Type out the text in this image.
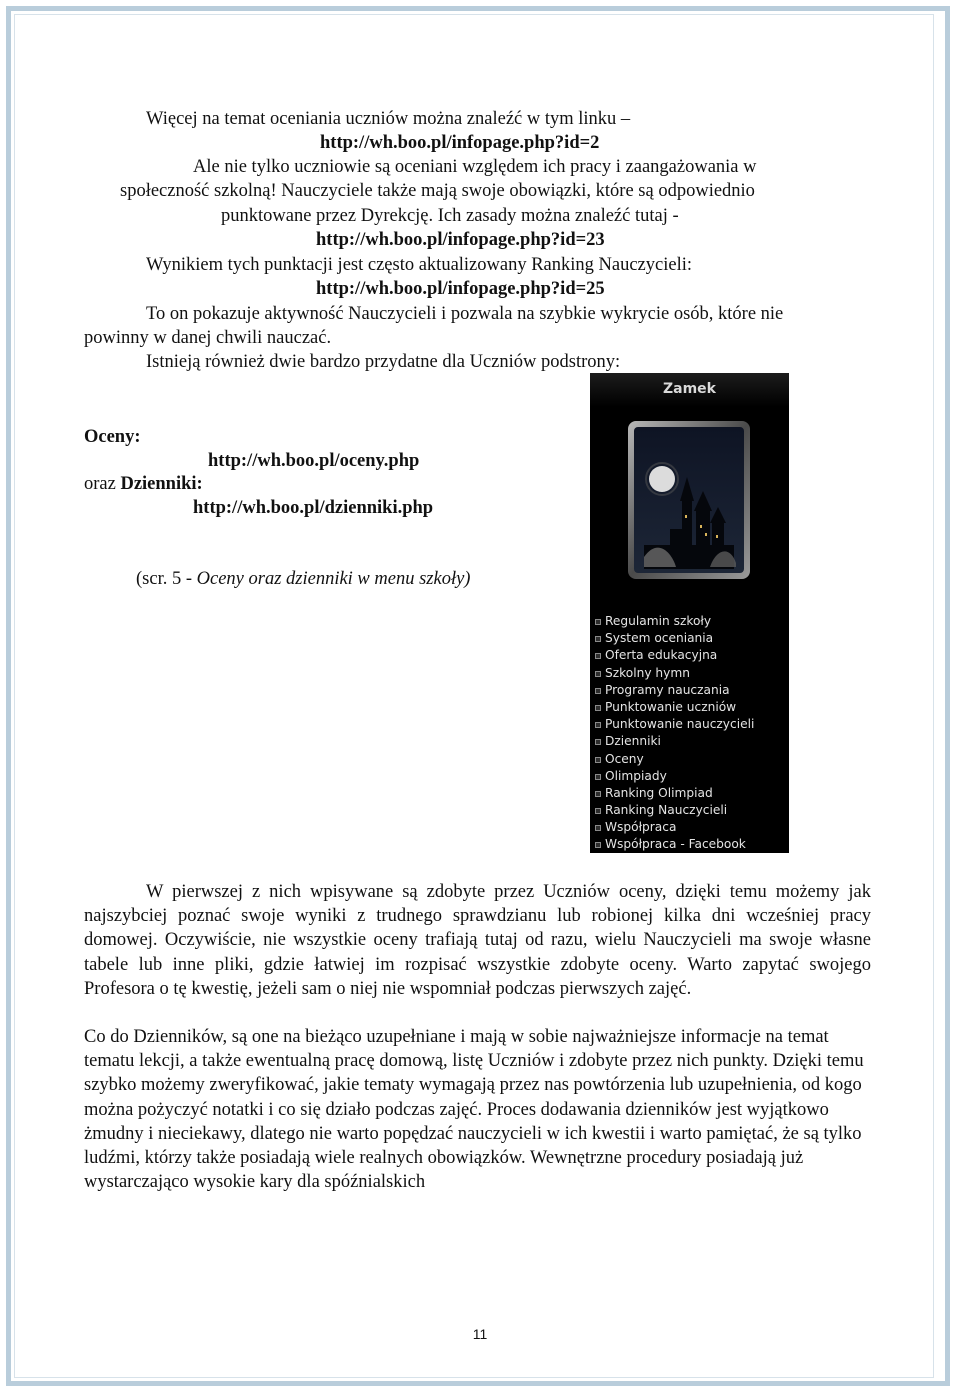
Więcej na temat oceniania uczniów można znaleźć w tym linku –
http://wh.boo.pl/infopage.php?id=2
Ale nie tylko uczniowie są oceniani względem ich pracy i zaangażowania w
społeczność szkolną! Nauczyciele także mają swoje obowiązki, które są odpowiednio
punktowane przez Dyrekcję. Ich zasady można znaleźć tutaj -
http://wh.boo.pl/infopage.php?id=23
Wynikiem tych punktacji jest często aktualizowany Ranking Nauczycieli:
http://wh.boo.pl/infopage.php?id=25
To on pokazuje aktywność Nauczycieli i pozwala na szybkie wykrycie osób, które nie
powinny w danej chwili nauczać.
Istnieją również dwie bardzo przydatne dla Uczniów podstrony:
Oceny:
http://wh.boo.pl/oceny.php
oraz Dzienniki:
http://wh.boo.pl/dzienniki.php
(scr. 5 - Oceny oraz dzienniki w menu szkoły)
Zamek
Regulamin szkoły
System oceniania
Oferta edukacyjna
Szkolny hymn
Programy nauczania
Punktowanie uczniów
Punktowanie nauczycieli
Dzienniki
Oceny
Olimpiady
Ranking Olimpiad
Ranking Nauczycieli
Współpraca
Współpraca - Facebook
W pierwszej z nich wpisywane są zdobyte przez Uczniów oceny, dzięki temu możemy jak najszybciej poznać swoje wyniki z trudnego sprawdzianu lub robionej kilka dni wcześniej pracy domowej. Oczywiście, nie wszystkie oceny trafiają tutaj od razu, wielu Nauczycieli ma swoje własne tabele lub inne pliki, gdzie łatwiej im rozpisać wszystkie zdobyte oceny. Warto zapytać swojego Profesora o tę kwestię, jeżeli sam o niej nie wspomniał podczas pierwszych zajęć.
Co do Dzienników, są one na bieżąco uzupełniane i mają w sobie najważniejsze informacje na temat tematu lekcji, a także ewentualną pracę domową, listę Uczniów i zdobyte przez nich punkty. Dzięki temu szybko możemy zweryfikować, jakie tematy wymagają przez nas powtórzenia lub uzupełnienia, od kogo można pożyczyć notatki i co się działo podczas zajęć. Proces dodawania dzienników jest wyjątkowo żmudny i nieciekawy, dlatego nie warto popędzać nauczycieli w ich kwestii i warto pamiętać, że są tylko ludźmi, którzy także posiadają wiele realnych obowiązków. Wewnętrzne procedury posiadają już wystarczająco wysokie kary dla spóźnialskich
11
